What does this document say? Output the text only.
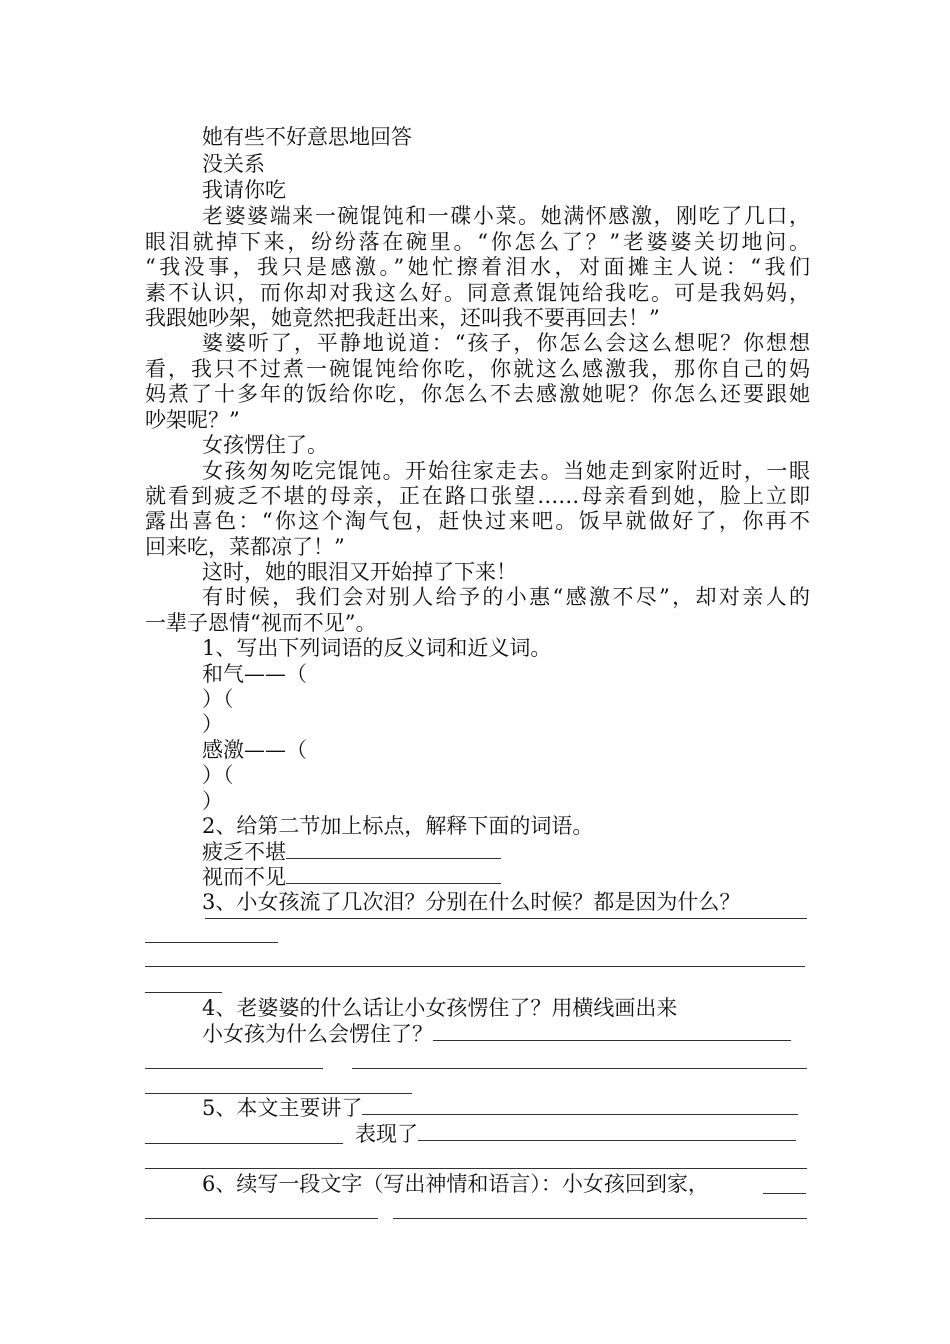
她有些不好意思地回答
没关系
我请你吃
老婆婆端来一碗馄饨和一碟小菜。她满怀感激，刚吃了几口，
眼泪就掉下来，纷纷落在碗里。“你怎么了？”老婆婆关切地问。
“我没事，我只是感激。”她忙擦着泪水，对面摊主人说：“我们
素不认识，而你却对我这么好。同意煮馄饨给我吃。可是我妈妈，
我跟她吵架，她竟然把我赶出来，还叫我不要再回去！”
婆婆听了，平静地说道：“孩子，你怎么会这么想呢？你想想
看，我只不过煮一碗馄饨给你吃，你就这么感激我，那你自己的妈
妈煮了十多年的饭给你吃，你怎么不去感激她呢？你怎么还要跟她
吵架呢？”
女孩愣住了。
女孩匆匆吃完馄饨。开始往家走去。当她走到家附近时，一眼
就看到疲乏不堪的母亲，正在路口张望……母亲看到她，脸上立即
露出喜色：“你这个淘气包，赶快过来吧。饭早就做好了，你再不
回来吃，菜都凉了！”
这时，她的眼泪又开始掉了下来！
有时候，我们会对别人给予的小惠“感激不尽”，却对亲人的
一辈子恩情“视而不见”。
1、写出下列词语的反义词和近义词。
和气——（
）（
）
感激——（
）（
）
2、给第二节加上标点，解释下面的词语。
疲乏不堪
视而不见
3、小女孩流了几次泪？分别在什么时候？都是因为什么？
4、老婆婆的什么话让小女孩愣住了？用横线画出来
小女孩为什么会愣住了？
5、本文主要讲了
表现了
6、续写一段文字（写出神情和语言）：小女孩回到家，
